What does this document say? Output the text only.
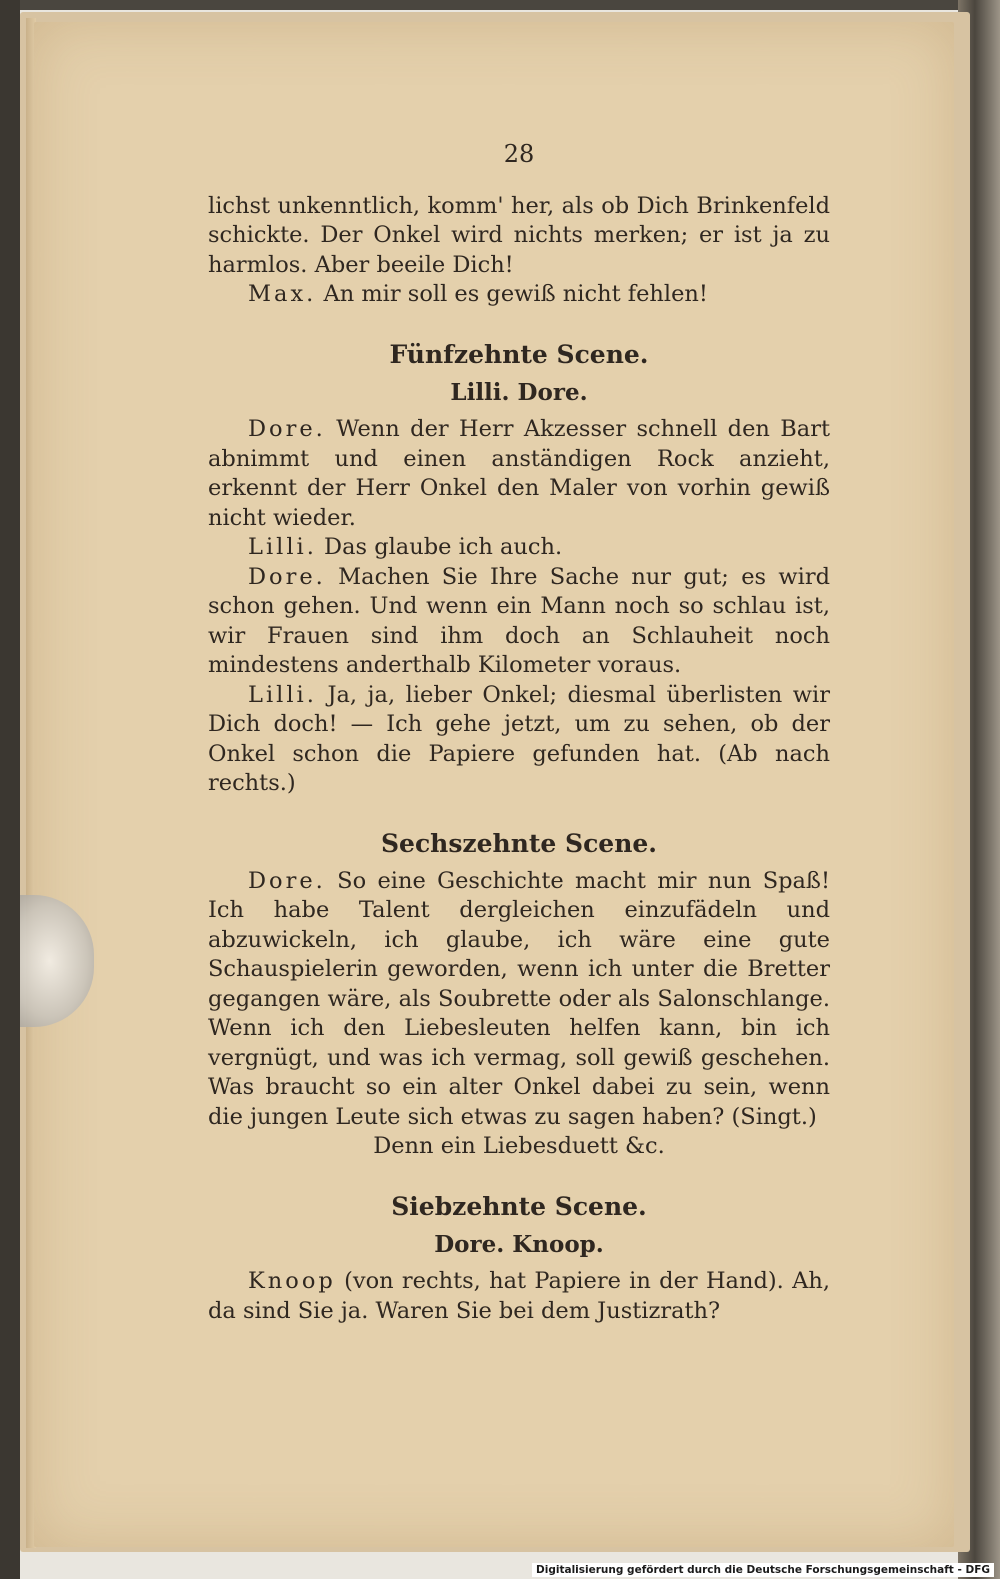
28

lichst unkenntlich, komm' her, als ob Dich Brinkenfeld schickte. Der Onkel wird nichts merken; er ist ja zu harmlos. Aber beeile Dich!

Max. An mir soll es gewiß nicht fehlen!

Fünfzehnte Scene.
Lilli. Dore.

Dore. Wenn der Herr Akzesser schnell den Bart abnimmt und einen anständigen Rock anzieht, erkennt der Herr Onkel den Maler von vorhin gewiß nicht wieder.

Lilli. Das glaube ich auch.

Dore. Machen Sie Ihre Sache nur gut; es wird schon gehen. Und wenn ein Mann noch so schlau ist, wir Frauen sind ihm doch an Schlauheit noch mindestens anderthalb Kilometer voraus.

Lilli. Ja, ja, lieber Onkel; diesmal überlisten wir Dich doch! — Ich gehe jetzt, um zu sehen, ob der Onkel schon die Papiere gefunden hat. (Ab nach rechts.)

Sechszehnte Scene.

Dore. So eine Geschichte macht mir nun Spaß! Ich habe Talent dergleichen einzufädeln und abzuwickeln, ich glaube, ich wäre eine gute Schauspielerin geworden, wenn ich unter die Bretter gegangen wäre, als Soubrette oder als Salonschlange. Wenn ich den Liebesleuten helfen kann, bin ich vergnügt, und was ich vermag, soll gewiß geschehen. Was braucht so ein alter Onkel dabei zu sein, wenn die jungen Leute sich etwas zu sagen haben? (Singt.)

Denn ein Liebesduett &c.
Siebzehnte Scene.
Dore. Knoop.

Knoop (von rechts, hat Papiere in der Hand). Ah, da sind Sie ja. Waren Sie bei dem Justizrath?

Digitalisierung gefördert durch die Deutsche Forschungsgemeinschaft - DFG
